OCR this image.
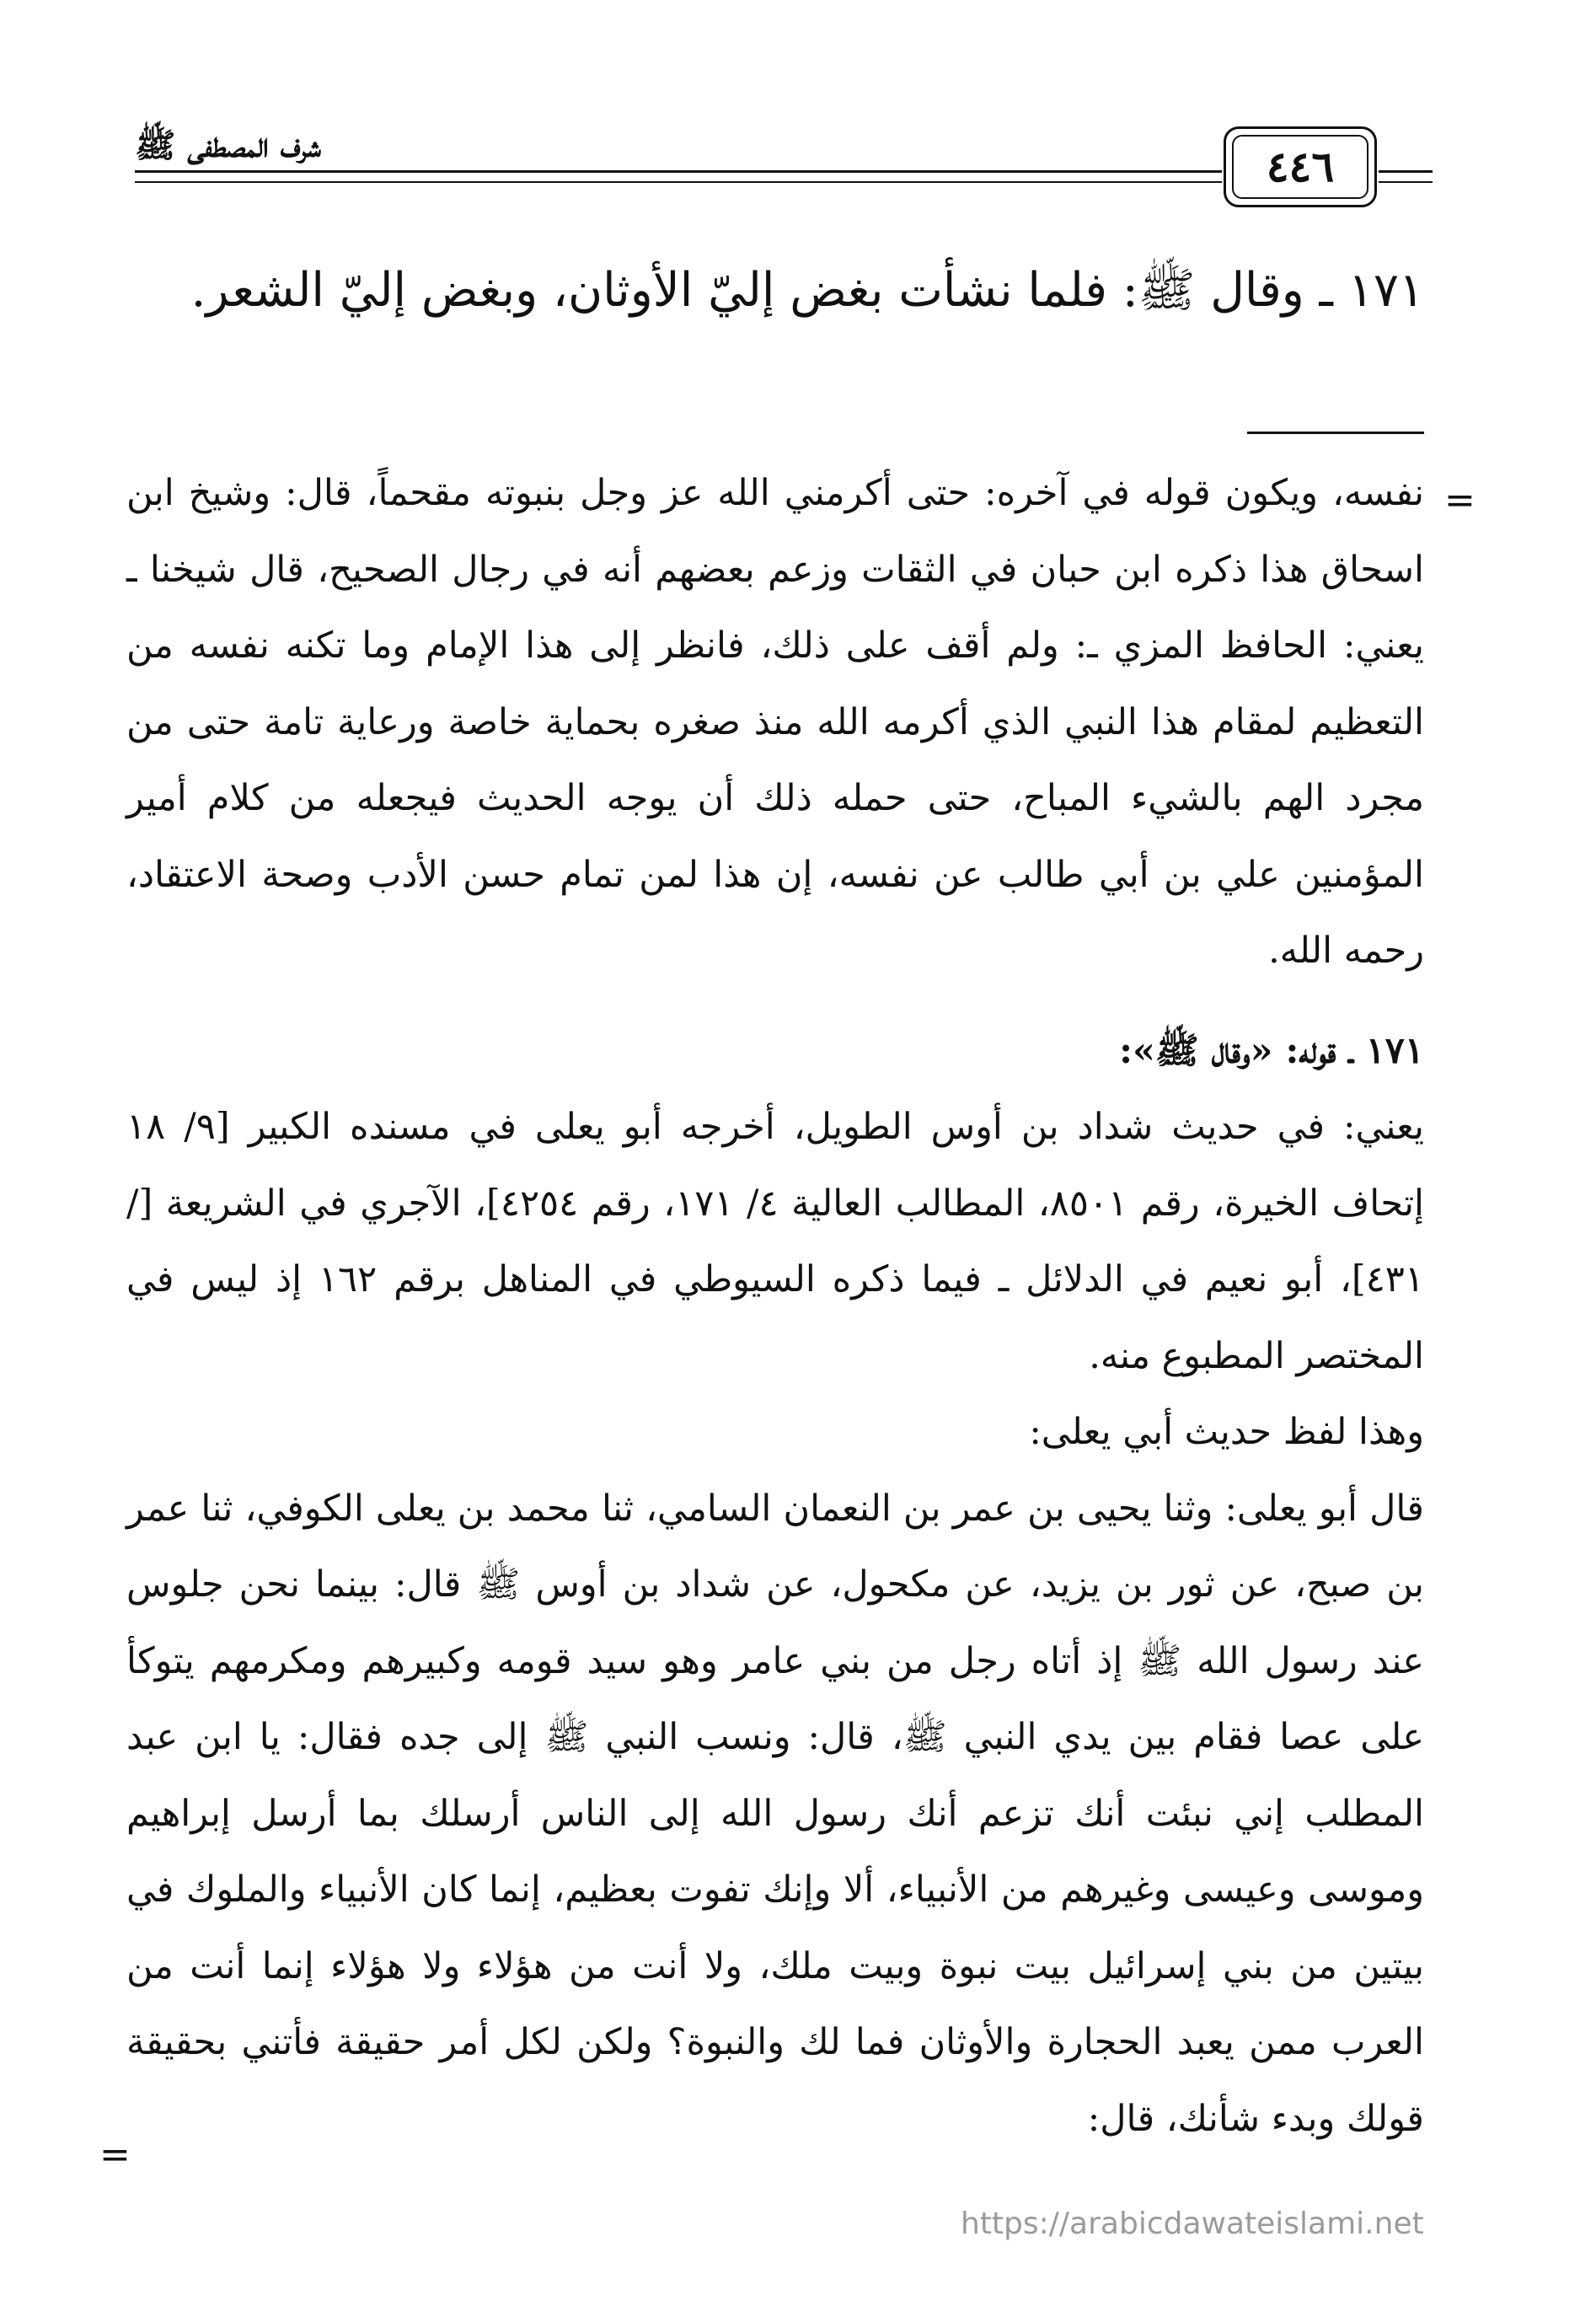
شرف المصطفى ﷺ	٤٤٦
١٧١ ـ وقال ﷺ: فلما نشأت بغض إليّ الأوثان، وبغض إليّ الشعر.
=

نفسه، ويكون قوله في آخره: حتى أكرمني الله عز وجل بنبوته مقحماً، قال: وشيخ ابن اسحاق هذا ذكره ابن حبان في الثقات وزعم بعضهم أنه في رجال الصحيح، قال شيخنا ـ يعني: الحافظ المزي ـ: ولم أقف على ذلك، فانظر إلى هذا الإمام وما تكنه نفسه من التعظيم لمقام هذا النبي الذي أكرمه الله منذ صغره بحماية خاصة ورعاية تامة حتى من مجرد الهم بالشيء المباح، حتى حمله ذلك أن يوجه الحديث فيجعله من كلام أمير المؤمنين علي بن أبي طالب عن نفسه، إن هذا لمن تمام حسن الأدب وصحة الاعتقاد، رحمه الله.

١٧١ ـ قوله: «وقال ﷺ»:

يعني: في حديث شداد بن أوس الطويل، أخرجه أبو يعلى في مسنده الكبير [٩/ ١٨ إتحاف الخيرة، رقم ٨٥٠١، المطالب العالية ٤/ ١٧١، رقم ٤٢٥٤]، الآجري في الشريعة [/ ٤٣١]، أبو نعيم في الدلائل ـ فيما ذكره السيوطي في المناهل برقم ١٦٢ إذ ليس في المختصر المطبوع منه.

وهذا لفظ حديث أبي يعلى:

قال أبو يعلى: وثنا يحيى بن عمر بن النعمان السامي، ثنا محمد بن يعلى الكوفي، ثنا عمر بن صبح، عن ثور بن يزيد، عن مكحول، عن شداد بن أوس ﷺ قال: بينما نحن جلوس عند رسول الله ﷺ إذ أتاه رجل من بني عامر وهو سيد قومه وكبيرهم ومكرمهم يتوكأ على عصا فقام بين يدي النبي ﷺ، قال: ونسب النبي ﷺ إلى جده فقال: يا ابن عبد المطلب إني نبئت أنك تزعم أنك رسول الله إلى الناس أرسلك بما أرسل إبراهيم وموسى وعيسى وغيرهم من الأنبياء، ألا وإنك تفوت بعظيم، إنما كان الأنبياء والملوك في بيتين من بني إسرائيل بيت نبوة وبيت ملك، ولا أنت من هؤلاء ولا هؤلاء إنما أنت من العرب ممن يعبد الحجارة والأوثان فما لك والنبوة؟ ولكن لكل أمر حقيقة فأتني بحقيقة قولك وبدء شأنك، قال:

=
https://arabicdawateislami.net
